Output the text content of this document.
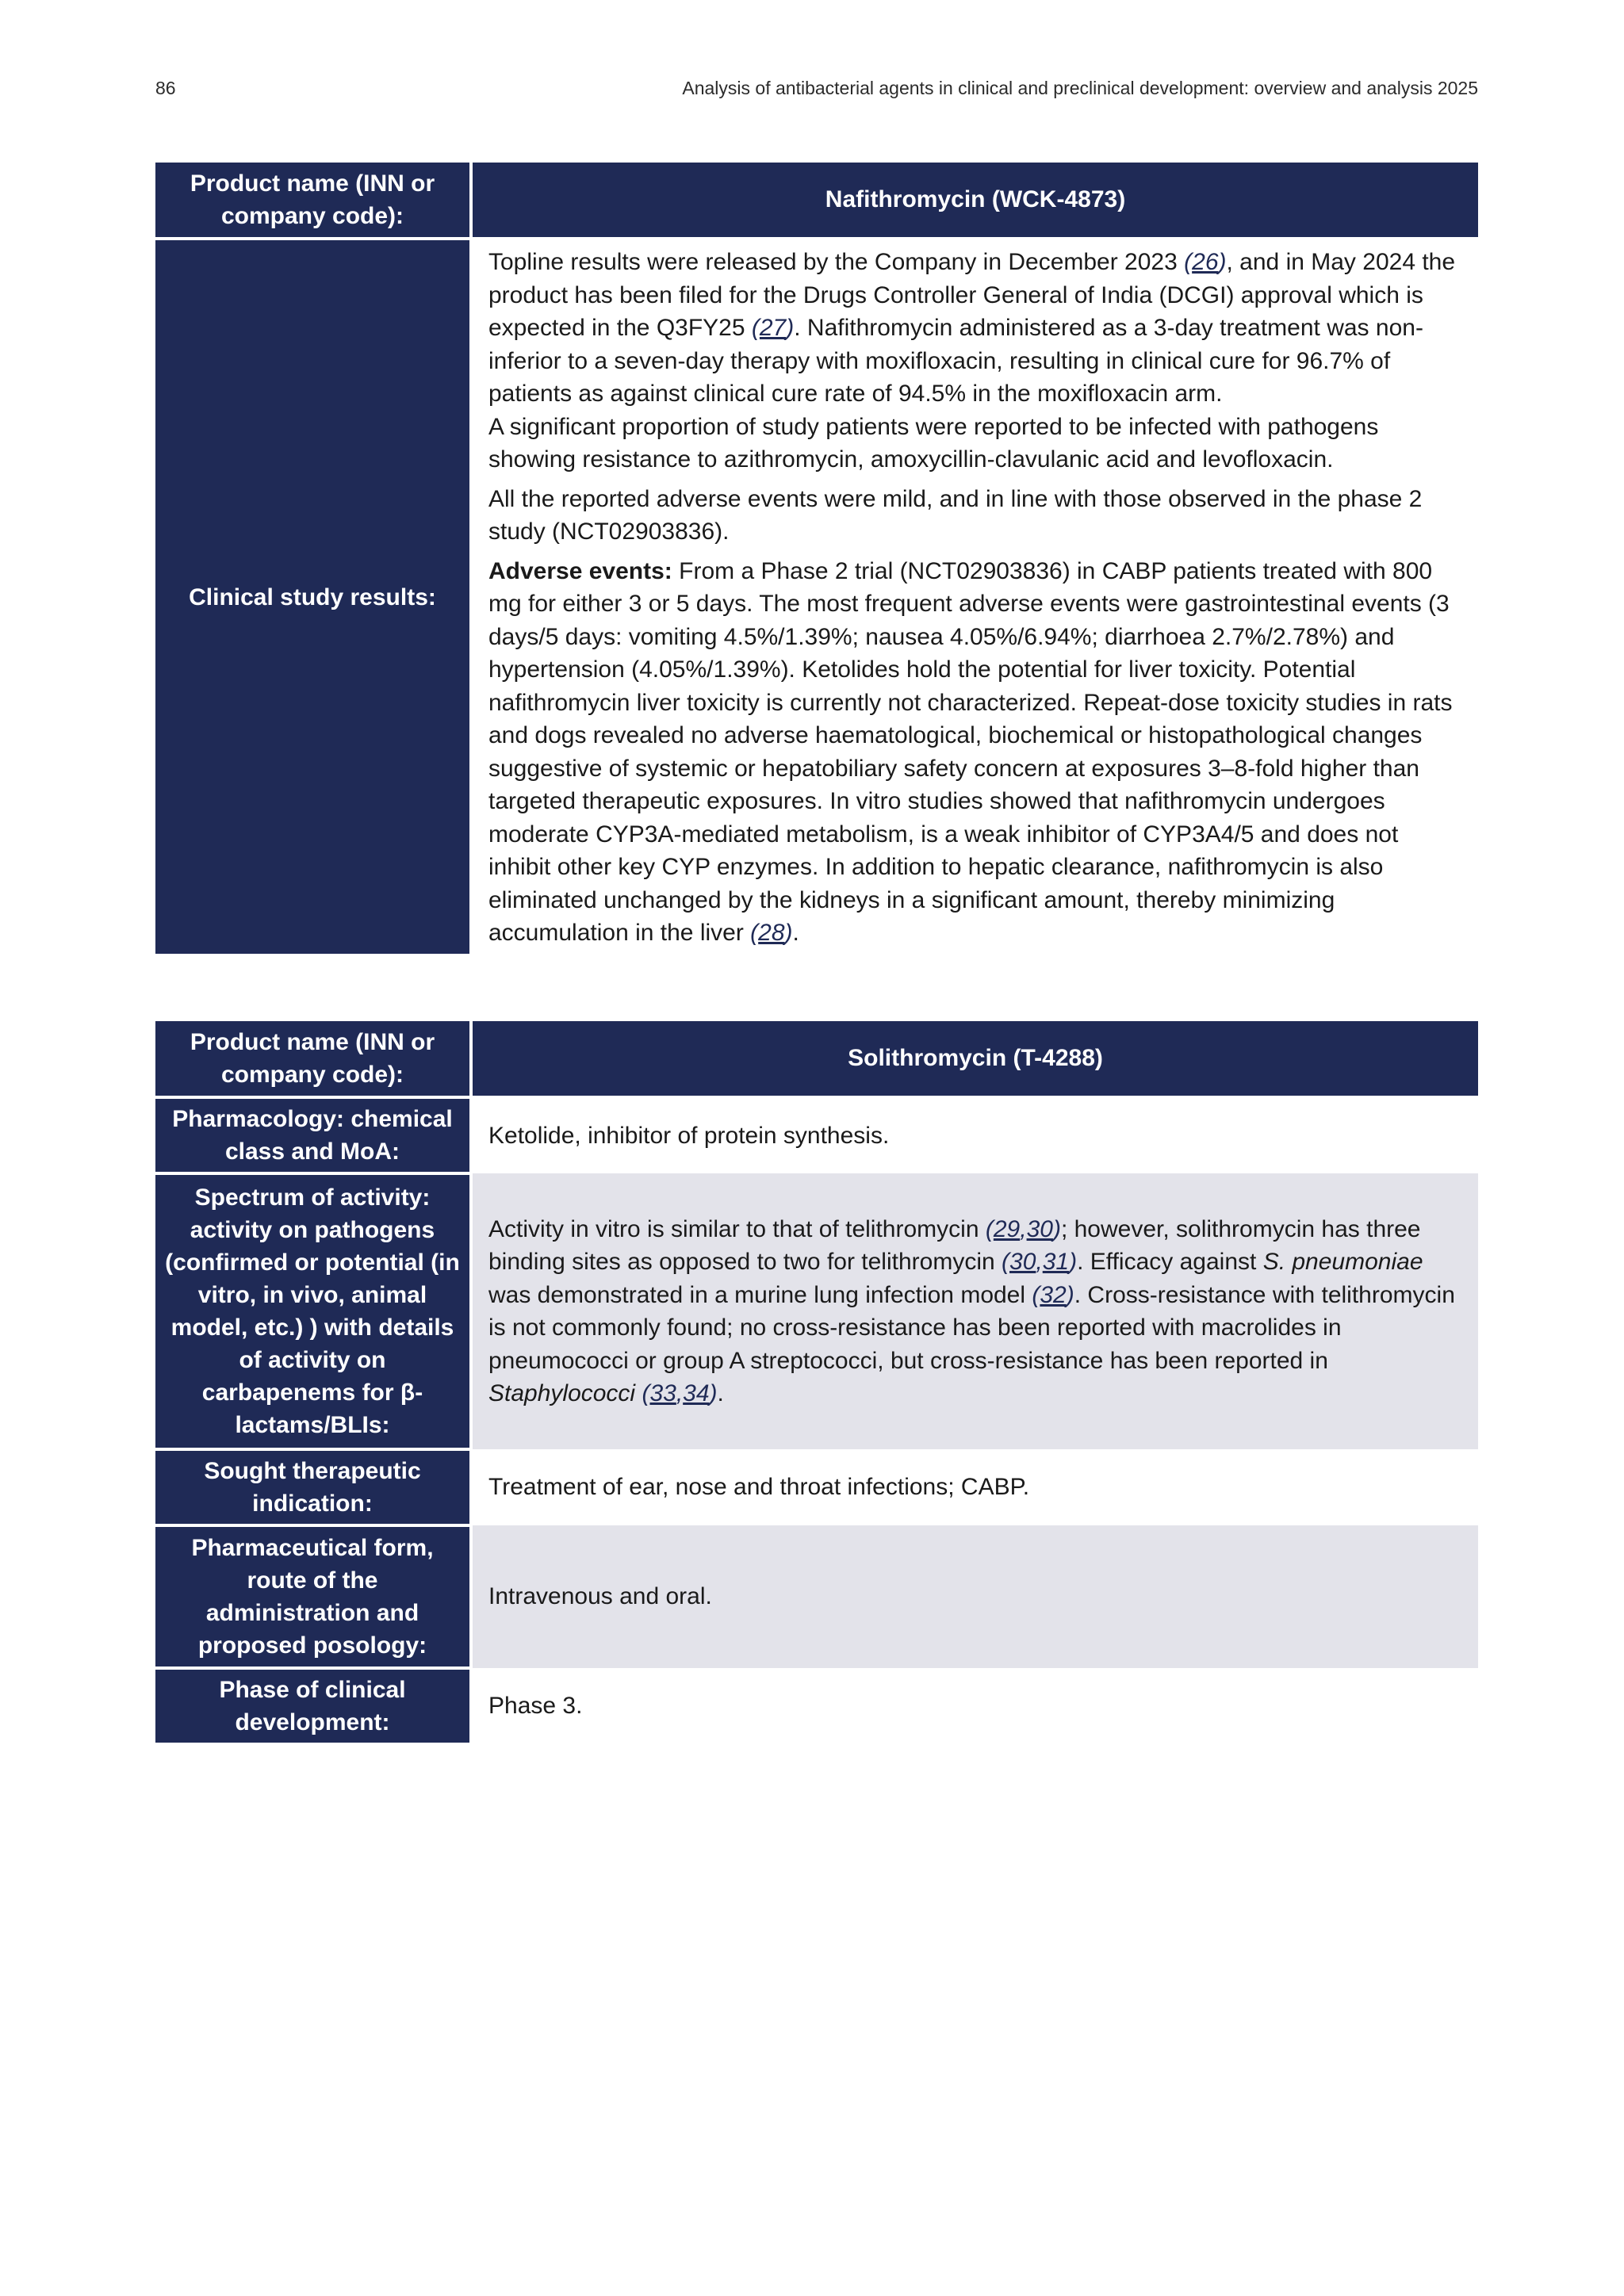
86	Analysis of antibacterial agents in clinical and preclinical development: overview and analysis 2025
Product name (INN or company code):	Nafithromycin (WCK-4873)
Clinical study results:	Topline results were released by the Company in December 2023 (26), and in May 2024 the product has been filed for the Drugs Controller General of India (DCGI) approval which is expected in the Q3FY25 (27). Nafithromycin administered as a 3-day treatment was non-inferior to a seven-day therapy with moxifloxacin, resulting in clinical cure for 96.7% of patients as against clinical cure rate of 94.5% in the moxifloxacin arm.
A significant proportion of study patients were reported to be infected with pathogens showing resistance to azithromycin, amoxycillin-clavulanic acid and levofloxacin.

All the reported adverse events were mild, and in line with those observed in the phase 2 study (NCT02903836).

Adverse events: From a Phase 2 trial (NCT02903836) in CABP patients treated with 800 mg for either 3 or 5 days. The most frequent adverse events were gastrointestinal events (3 days/5 days: vomiting 4.5%/1.39%; nausea 4.05%/6.94%; diarrhoea 2.7%/2.78%) and hypertension (4.05%/1.39%). Ketolides hold the potential for liver toxicity. Potential nafithromycin liver toxicity is currently not characterized. Repeat-dose toxicity studies in rats and dogs revealed no adverse haematological, biochemical or histopathological changes suggestive of systemic or hepatobiliary safety concern at exposures 3–8-fold higher than targeted therapeutic exposures. In vitro studies showed that nafithromycin undergoes moderate CYP3A-mediated metabolism, is a weak inhibitor of CYP3A4/5 and does not inhibit other key CYP enzymes. In addition to hepatic clearance, nafithromycin is also eliminated unchanged by the kidneys in a significant amount, thereby minimizing accumulation in the liver (28).

Product name (INN or company code):	Solithromycin (T-4288)
Pharmacology: chemical class and MoA:	Ketolide, inhibitor of protein synthesis.
Spectrum of activity: activity on pathogens (confirmed or potential (in vitro, in vivo, animal model, etc.) ) with details of activity on carbapenems for β-lactams/BLIs:	Activity in vitro is similar to that of telithromycin (29,30); however, solithromycin has three binding sites as opposed to two for telithromycin (30,31). Efficacy against S. pneumoniae was demonstrated in a murine lung infection model (32). Cross-resistance with telithromycin is not commonly found; no cross-resistance has been reported with macrolides in pneumococci or group A streptococci, but cross-resistance has been reported in Staphylococci (33,34).
Sought therapeutic indication:	Treatment of ear, nose and throat infections; CABP.
Pharmaceutical form, route of the administration and proposed posology:	Intravenous and oral.
Phase of clinical development:	Phase 3.
